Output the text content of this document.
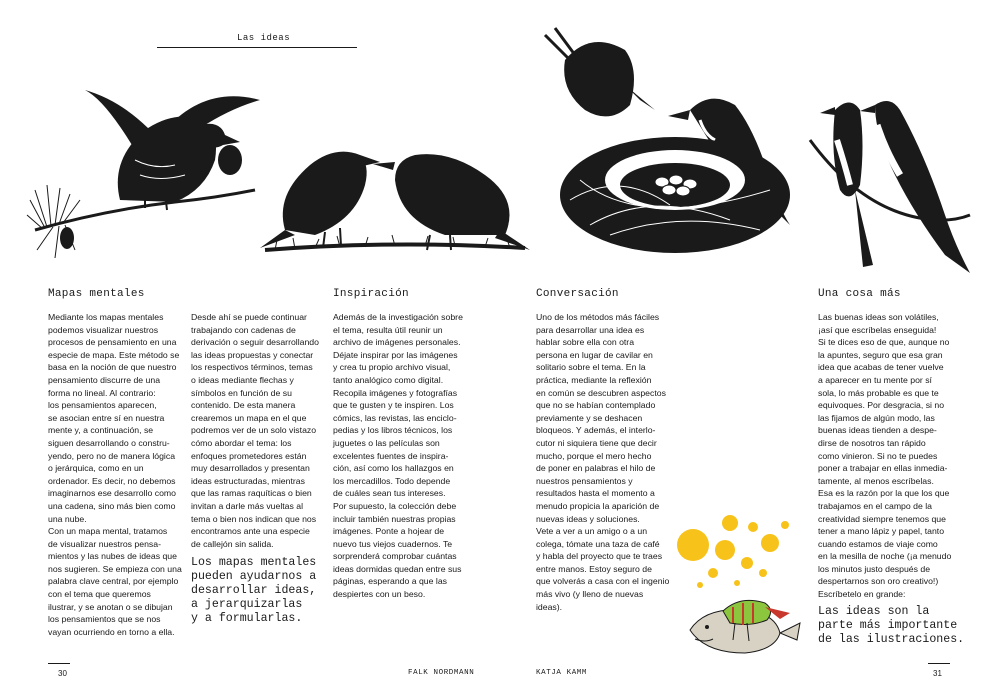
Las ideas
Mapas mentales	Inspiración	Conversación	Una cosa más
Mediante los mapas mentales
podemos visualizar nuestros
procesos de pensamiento en una
especie de mapa. Este método se
basa en la noción de que nuestro
pensamiento discurre de una
forma no lineal. Al contrario:
los pensamientos aparecen,
se asocian entre sí en nuestra
mente y, a continuación, se
siguen desarrollando o constru-
yendo, pero no de manera lógica
o jerárquica, como en un
ordenador. Es decir, no debemos
imaginarnos ese desarrollo como
una cadena, sino más bien como
una nube.
Con un mapa mental, tratamos
de visualizar nuestros pensa-
mientos y las nubes de ideas que
nos sugieren. Se empieza con una
palabra clave central, por ejemplo
con el tema que queremos
ilustrar, y se anotan o se dibujan
los pensamientos que se nos
vayan ocurriendo en torno a ella.
Desde ahí se puede continuar
trabajando con cadenas de
derivación o seguir desarrollando
las ideas propuestas y conectar
los respectivos términos, temas
o ideas mediante flechas y
símbolos en función de su
contenido. De esta manera
crearemos un mapa en el que
podremos ver de un solo vistazo
cómo abordar el tema: los
enfoques prometedores están
muy desarrollados y presentan
ideas estructuradas, mientras
que las ramas raquíticas o bien
invitan a darle más vueltas al
tema o bien nos indican que nos
encontramos ante una especie
de callejón sin salida.
Además de la investigación sobre
el tema, resulta útil reunir un
archivo de imágenes personales.
Déjate inspirar por las imágenes
y crea tu propio archivo visual,
tanto analógico como digital.
Recopila imágenes y fotografías
que te gusten y te inspiren. Los
cómics, las revistas, las enciclo-
pedias y los libros técnicos, los
juguetes o las películas son
excelentes fuentes de inspira-
ción, así como los hallazgos en
los mercadillos. Todo depende
de cuáles sean tus intereses.
Por supuesto, la colección debe
incluir también nuestras propias
imágenes. Ponte a hojear de
nuevo tus viejos cuadernos. Te
sorprenderá comprobar cuántas
ideas dormidas quedan entre sus
páginas, esperando a que las
despiertes con un beso.
Uno de los métodos más fáciles
para desarrollar una idea es
hablar sobre ella con otra
persona en lugar de cavilar en
solitario sobre el tema. En la
práctica, mediante la reflexión
en común se descubren aspectos
que no se habían contemplado
previamente y se deshacen
bloqueos. Y además, el interlo-
cutor ni siquiera tiene que decir
mucho, porque el mero hecho
de poner en palabras el hilo de
nuestros pensamientos y
resultados hasta el momento a
menudo propicia la aparición de
nuevas ideas y soluciones.
Vete a ver a un amigo o a un
colega, tómate una taza de café
y habla del proyecto que te traes
entre manos. Estoy seguro de
que volverás a casa con el ingenio
más vivo (y lleno de nuevas
ideas).
Las buenas ideas son volátiles,
¡así que escríbelas enseguida!
Si te dices eso de que, aunque no
la apuntes, seguro que esa gran
idea que acabas de tener vuelve
a aparecer en tu mente por sí
sola, lo más probable es que te
equivoques. Por desgracia, si no
las fijamos de algún modo, las
buenas ideas tienden a despe-
dirse de nosotros tan rápido
como vinieron. Si no te puedes
poner a trabajar en ellas inmedia-
tamente, al menos escríbelas.
Esa es la razón por la que los que
trabajamos en el campo de la
creatividad siempre tenemos que
tener a mano lápiz y papel, tanto
cuando estamos de viaje como
en la mesilla de noche (¡a menudo
los minutos justo después de
despertarnos son oro creativo!)
Escríbetelo en grande:
Los mapas mentales
pueden ayudarnos a
desarrollar ideas,
a jerarquizarlas
y a formularlas.
Las ideas son la
parte más importante
de las ilustraciones.
30	FALK NORDMANN	KATJA KAMM	31
